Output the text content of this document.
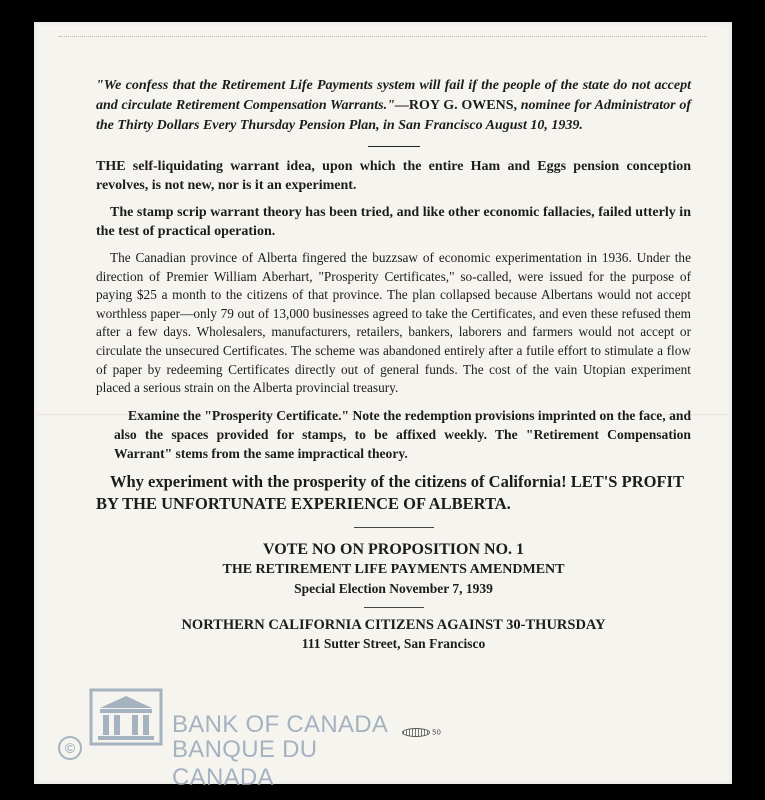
"We confess that the Retirement Life Payments system will fail if the people of the state do not accept and circulate Retirement Compensation Warrants."—ROY G. OWENS, nominee for Administrator of the Thirty Dollars Every Thursday Pension Plan, in San Francisco August 10, 1939.

THE self-liquidating warrant idea, upon which the entire Ham and Eggs pension conception revolves, is not new, nor is it an experiment.

The stamp scrip warrant theory has been tried, and like other economic fallacies, failed utterly in the test of practical operation.

The Canadian province of Alberta fingered the buzzsaw of economic experimentation in 1936. Under the direction of Premier William Aberhart, "Prosperity Certificates," so-called, were issued for the purpose of paying $25 a month to the citizens of that province. The plan collapsed because Albertans would not accept worthless paper—only 79 out of 13,000 businesses agreed to take the Certificates, and even these refused them after a few days. Wholesalers, manufacturers, retailers, bankers, laborers and farmers would not accept or circulate the unsecured Certificates. The scheme was abandoned entirely after a futile effort to stimulate a flow of paper by redeeming Certificates directly out of general funds. The cost of the vain Utopian experiment placed a serious strain on the Alberta provincial treasury.

Examine the "Prosperity Certificate." Note the redemption provisions imprinted on the face, and also the spaces provided for stamps, to be affixed weekly. The "Retirement Compensation Warrant" stems from the same impractical theory.

Why experiment with the prosperity of the citizens of California! LET'S PROFIT BY THE UNFORTUNATE EXPERIENCE OF ALBERTA.

VOTE NO ON PROPOSITION NO. 1

THE RETIREMENT LIFE PAYMENTS AMENDMENT

Special Election November 7, 1939

NORTHERN CALIFORNIA CITIZENS AGAINST 30-THURSDAY

111 Sutter Street, San Francisco

50
©
BANK OF CANADA
BANQUE DU CANADA
